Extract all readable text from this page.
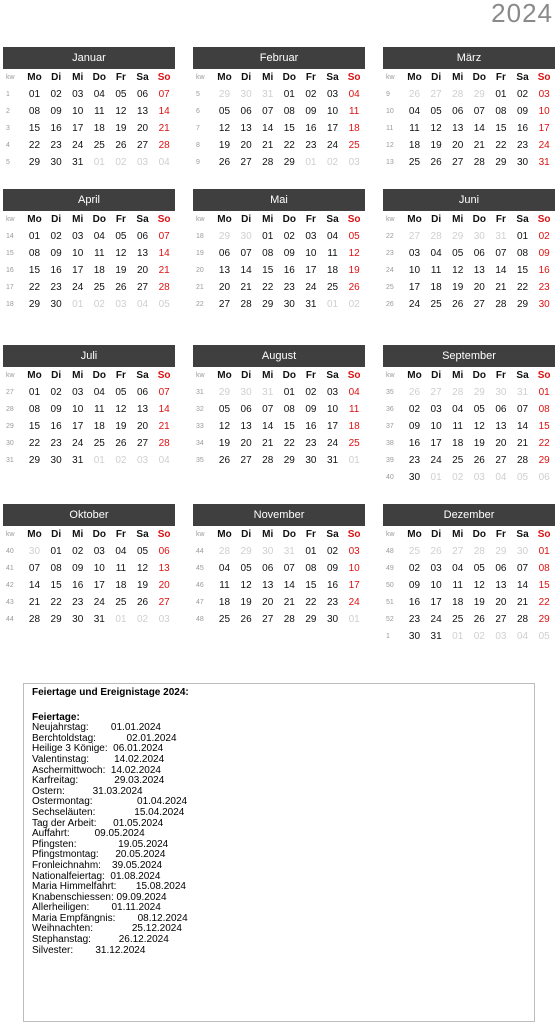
2024
Januar
kw	Mo Di	Mi Do Fr	Sa So
1	01	02	03	04	05	06	07
2	08	09	10	11	12	13	14
3	15	16	17	18	19	20	21
4	22	23	24	25	26	27	28
5	29	30	31	01	02	03	04
Februar
kw	Mo Di	Mi Do Fr	Sa So
5	29	30	31	01	02	03	04
6	05	06	07	08	09	10	11
7	12	13	14	15	16	17	18
8	19	20	21	22	23	24	25
9	26	27	28	29	01	02	03
März
kw	Mo Di	Mi Do Fr	Sa So
9	26	27	28	29	01	02	03
10	04	05	06	07	08	09	10
11	11	12	13	14	15	16	17
12	18	19	20	21	22	23	24
13	25	26	27	28	29	30	31
April
kw	Mo Di	Mi Do Fr	Sa So
14	01	02	03	04	05	06	07
15	08	09	10	11	12	13	14
16	15	16	17	18	19	20	21
17	22	23	24	25	26	27	28
18	29	30	01	02	03	04	05
Mai
kw	Mo Di	Mi Do Fr	Sa So
18	29	30	01	02	03	04	05
19	06	07	08	09	10	11	12
20	13	14	15	16	17	18	19
21	20	21	22	23	24	25	26
22	27	28	29	30	31	01	02
Juni
kw	Mo Di	Mi Do Fr	Sa So
22	27	28	29	30	31	01	02
23	03	04	05	06	07	08	09
24	10	11	12	13	14	15	16
25	17	18	19	20	21	22	23
26	24	25	26	27	28	29	30
Juli
kw	Mo Di	Mi Do Fr	Sa So
27	01	02	03	04	05	06	07
28	08	09	10	11	12	13	14
29	15	16	17	18	19	20	21
30	22	23	24	25	26	27	28
31	29	30	31	01	02	03	04
August
kw	Mo Di	Mi Do Fr	Sa So
31	29	30	31	01	02	03	04
32	05	06	07	08	09	10	11
33	12	13	14	15	16	17	18
34	19	20	21	22	23	24	25
35	26	27	28	29	30	31	01
September
kw	Mo Di	Mi Do Fr	Sa So
35	26	27	28	29	30	31	01
36	02	03	04	05	06	07	08
37	09	10	11	12	13	14	15
38	16	17	18	19	20	21	22
39	23	24	25	26	27	28	29
40	30	01	02	03	04	05	06
Oktober
kw	Mo Di	Mi Do Fr	Sa So
40	30	01	02	03	04	05	06
41	07	08	09	10	11	12	13
42	14	15	16	17	18	19	20
43	21	22	23	24	25	26	27
44	28	29	30	31	01	02	03
November
kw	Mo Di	Mi Do Fr	Sa So
44	28	29	30	31	01	02	03
45	04	05	06	07	08	09	10
46	11	12	13	14	15	16	17
47	18	19	20	21	22	23	24
48	25	26	27	28	29	30	01
Dezember
kw	Mo Di	Mi Do Fr	Sa So
48	25	26	27	28	29	30	01
49	02	03	04	05	06	07	08
50	09	10	11	12	13	14	15
51	16	17	18	19	20	21	22
52	23	24	25	26	27	28	29
1	30	31	01	02	03	04	05
Feiertage und Ereignistage 2024:
Feiertage:
Neujahrstag:        01.01.2024
Berchtoldstag:           02.01.2024
Heilige 3 Könige:  06.01.2024
Valentinstag:         14.02.2024
Aschermittwoch:  14.02.2024
Karfreitag:             29.03.2024
Ostern:          31.03.2024
Ostermontag:                01.04.2024
Sechseläuten:              15.04.2024
Tag der Arbeit:      01.05.2024
Auffahrt:         09.05.2024
Pfingsten:               19.05.2024
Pfingstmontag:      20.05.2024
Fronleichnahm:    39.05.2024
Nationalfeiertag:  01.08.2024
Maria Himmelfahrt:       15.08.2024
Knabenschiessen: 09.09.2024
Allerheiligen:        01.11.2024
Maria Empfängnis:        08.12.2024
Weihnachten:              25.12.2024
Stephanstag:          26.12.2024
Silvester:        31.12.2024
